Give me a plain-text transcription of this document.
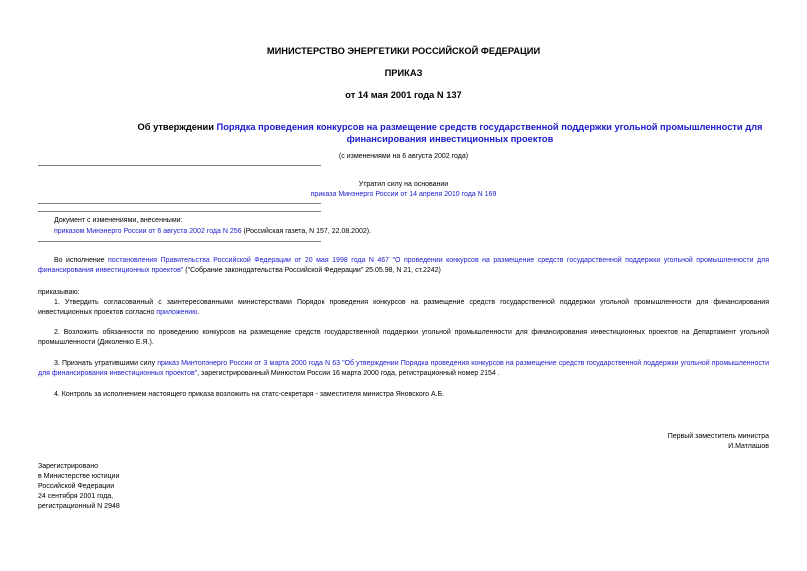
МИНИСТЕРСТВО ЭНЕРГЕТИКИ РОССИЙСКОЙ ФЕДЕРАЦИИ
ПРИКАЗ
от 14 мая 2001 года N 137
Об утверждении Порядка проведения конкурсов на размещение средств государственной поддержки угольной промышленности для финансирования инвестиционных проектов
(с изменениями на 6 августа 2002 года)
Утратил силу на основании
приказа Минэнерго России от 14 апреля 2010 года N 169
Документ с изменениями, внесенными:
приказом Минэнерго России от 6 августа 2002 года N 256 (Российская газета, N 157, 22.08.2002).
Во исполнение постановления Правительства Российской Федерации от 20 мая 1998 года N 467 "О проведении конкурсов на размещение средств государственной поддержки угольной промышленности для финансирования инвестиционных проектов" ("Собрание законодательства Российской Федерации" 25.05.98, N 21, ст.2242)
приказываю:
1. Утвердить согласованный с заинтересованными министерствами Порядок проведения конкурсов на размещение средств государственной поддержки угольной промышленности для финансирования инвестиционных проектов согласно приложению.
2. Возложить обязанности по проведению конкурсов на размещение средств государственной поддержки угольной промышленности для финансирования инвестиционных проектов на Департамент угольной промышленности (Диколенко Е.Я.).
3. Признать утратившими силу приказ Минтопэнерго России от 3 марта 2000 года N 63 "Об утверждении Порядка проведения конкурсов на размещение средств государственной поддержки угольной промышленности для финансирования инвестиционных проектов", зарегистрированный Минюстом России 16 марта 2000 года, регистрационный номер 2154 .
4. Контроль за исполнением настоящего приказа возложить на статс-секретаря - заместителя министра Яновского А.Б.
Первый заместитель министра
И.Матлашов
Зарегистрировано
в Министерстве юстиции
Российской Федерации
24 сентября 2001 года,
регистрационный N 2948
